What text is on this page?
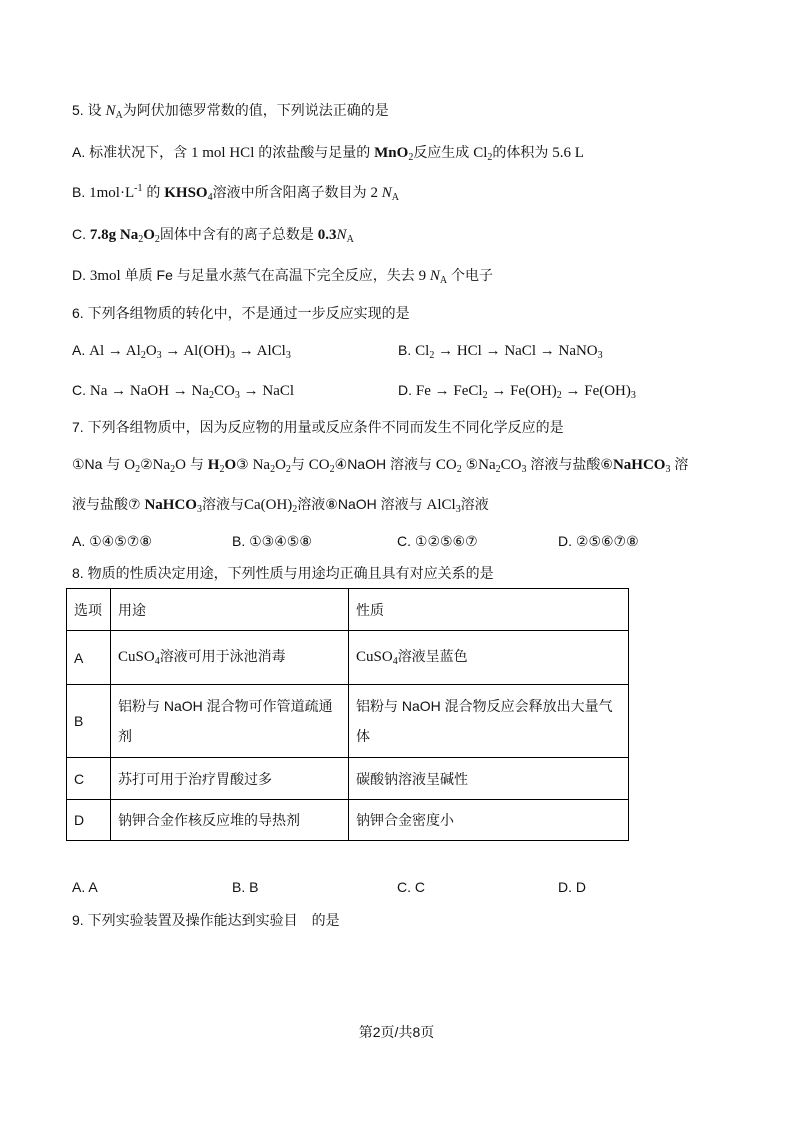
5. 设 $N_A$为阿伏加德罗常数的值，下列说法正确的是
A. 标准状况下，含 1 mol HCl 的浓盐酸与足量的 MnO$_2$反应生成 $Cl_2$的体积为 5.6 L
B. $1mol\cdot L^{-1}$ 的 $KHSO_4$溶液中所含阳离子数目为 2 $N_A$
C. 7.8g $Na_2O_2$固体中含有的离子总数是 $0.3N_A$
D. 3mol 单质 Fe 与足量水蒸气在高温下完全反应，失去 9 $N_A$ 个电子
6. 下列各组物质的转化中，不是通过一步反应实现的是
A. $Al \to Al_2O_3 \to Al(OH)_3$ → AlCl$_3$	B. $Cl_2$ → HCl → NaCl → NaNO$_3$
C. Na → NaOH → $Na_2CO_3$ → NaCl	D. Fe → FeCl$_2$ → $Fe(OH)_2 \to Fe(OH)_3$
7. 下列各组物质中，因为反应物的用量或反应条件不同而发生不同化学反应的是
①Na 与 $O_2②Na_2O$ 与 $H_2O③$ $Na_2O_2$与 $CO_2④NaOH$ 溶液与 $CO_2$ $⑤Na_2CO_3$ 溶液与盐酸⑥NaHCO$_3$ 溶
液与盐酸⑦ NaHCO$_3$溶液与$Ca(OH)_2$溶液⑧NaOH 溶液与 AlCl$_3$溶液
A. ①④⑤⑦⑧	B. ①③④⑤⑧	C. ①②⑤⑥⑦	D. ②⑤⑥⑦⑧
8. 物质的性质决定用途，下列性质与用途均正确且具有对应关系的是
选项	用途	性质
A	CuSO$_4$溶液可用于泳池消毒	CuSO$_4$溶液呈蓝色
B	铝粉与 NaOH 混合物可作管道疏通剂	铝粉与 NaOH 混合物反应会释放出大量气体
C	苏打可用于治疗胃酸过多	碳酸钠溶液呈碱性
D	钠钾合金作核反应堆的导热剂	钠钾合金密度小
A. A	B. B	C. C	D. D
9. 下列实验装置及操作能达到实验目　的是
第2页/共8页
